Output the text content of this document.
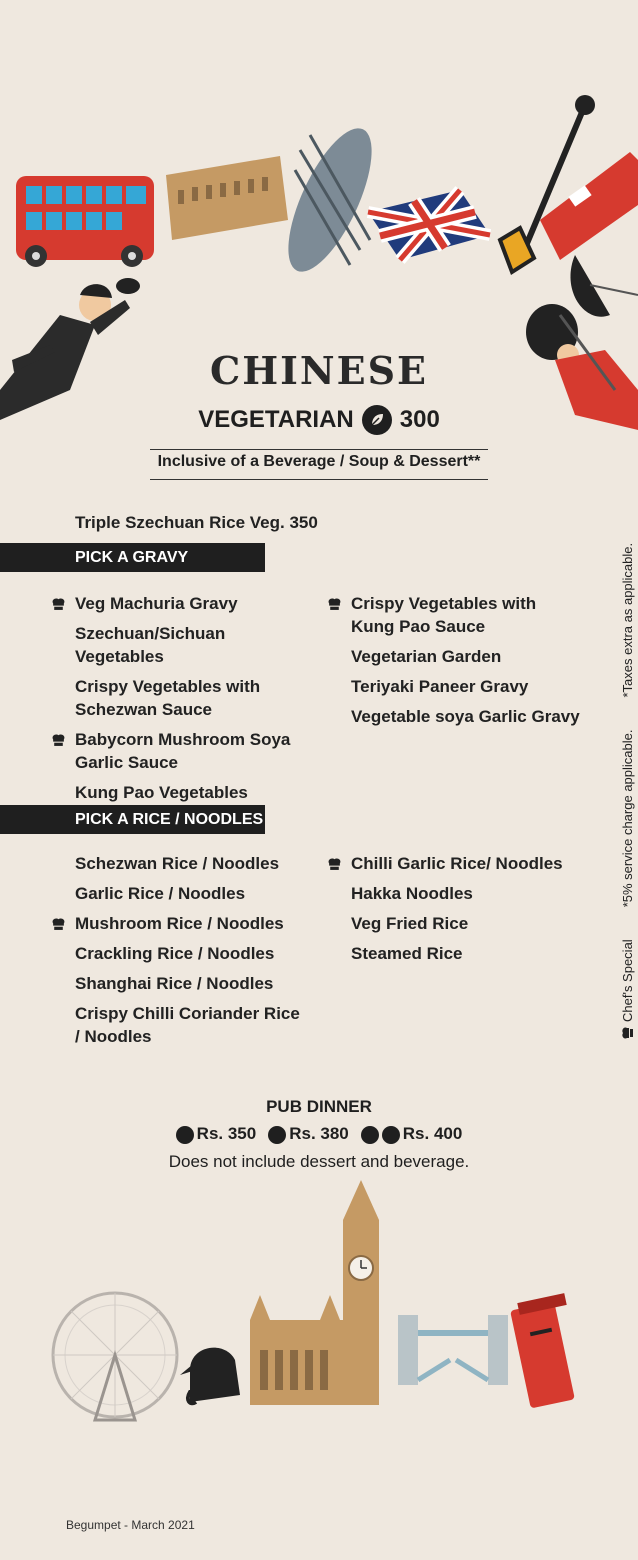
CHINESE
VEGETARIAN 300
Inclusive of a Beverage / Soup & Dessert**
Triple Szechuan Rice Veg. 350
PICK A GRAVY
Veg Machuria Gravy
Szechuan/Sichuan Vegetables
Crispy Vegetables with Schezwan Sauce
Babycorn Mushroom Soya Garlic Sauce
Kung Pao Vegetables
Crispy Vegetables with Kung Pao Sauce
Vegetarian Garden
Teriyaki Paneer Gravy
Vegetable soya Garlic Gravy
PICK A RICE / NOODLES
Schezwan Rice / Noodles
Garlic Rice / Noodles
Mushroom Rice / Noodles
Crackling Rice / Noodles
Shanghai Rice / Noodles
Crispy Chilli Coriander Rice / Noodles
Chilli Garlic Rice/ Noodles
Hakka Noodles
Veg Fried Rice
Steamed Rice	Chef's Special
*5% service charge applicable.
*Taxes extra as applicable.
PUB DINNER
Rs. 350	Rs. 380	Rs. 400
Does not include dessert and beverage.
Begumpet - March 2021
